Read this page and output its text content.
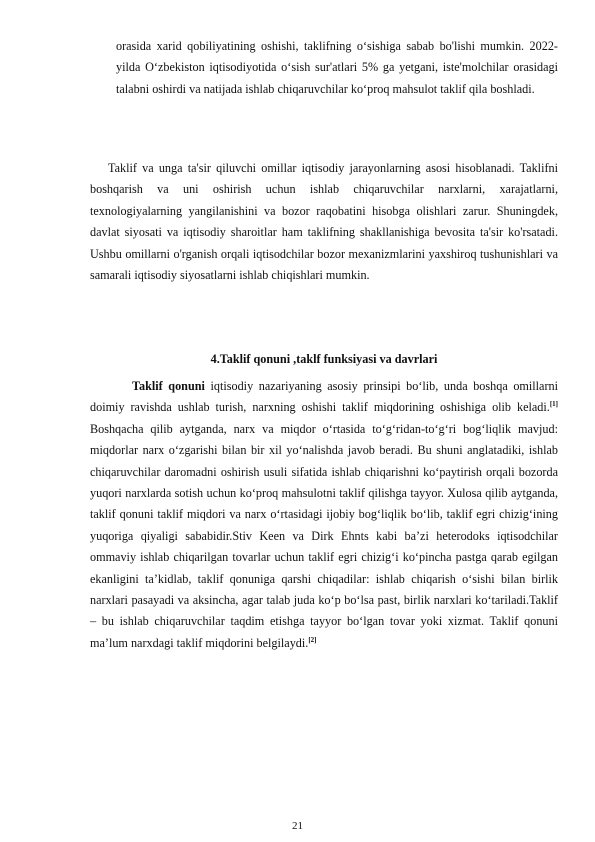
orasida xarid qobiliyatining oshishi, taklifning o‘sishiga sabab bo'lishi mumkin. 2022-yilda O‘zbekiston iqtisodiyotida o‘sish sur'atlari 5% ga yetgani, iste'molchilar orasidagi talabni oshirdi va natijada ishlab chiqaruvchilar ko‘proq mahsulot taklif qila boshladi.

Taklif va unga ta'sir qiluvchi omillar iqtisodiy jarayonlarning asosi hisoblanadi. Taklifni boshqarish va uni oshirish uchun ishlab chiqaruvchilar narxlarni, xarajatlarni, texnologiyalarning yangilanishini va bozor raqobatini hisobga olishlari zarur. Shuningdek, davlat siyosati va iqtisodiy sharoitlar ham taklifning shakllanishiga bevosita ta'sir ko'rsatadi. Ushbu omillarni o'rganish orqali iqtisodchilar bozor mexanizmlarini yaxshiroq tushunishlari va samarali iqtisodiy siyosatlarni ishlab chiqishlari mumkin.

4.Taklif qonuni ,taklf funksiyasi va davrlari

Taklif qonuni iqtisodiy nazariyaning asosiy prinsipi bo‘lib, unda boshqa omillarni doimiy ravishda ushlab turish, narxning oshishi taklif miqdorining oshishiga olib keladi.[1] Boshqacha qilib aytganda, narx va miqdor o‘rtasida to‘g‘ridan-to‘g‘ri bog‘liqlik mavjud: miqdorlar narx o‘zgarishi bilan bir xil yo‘nalishda javob beradi. Bu shuni anglatadiki, ishlab chiqaruvchilar daromadni oshirish usuli sifatida ishlab chiqarishni ko‘paytirish orqali bozorda yuqori narxlarda sotish uchun ko‘proq mahsulotni taklif qilishga tayyor. Xulosa qilib aytganda, taklif qonuni taklif miqdori va narx o‘rtasidagi ijobiy bog‘liqlik bo‘lib, taklif egri chizig‘ining yuqoriga qiyaligi sababidir.Stiv Keen va Dirk Ehnts kabi ba’zi heterodoks iqtisodchilar ommaviy ishlab chiqarilgan tovarlar uchun taklif egri chizig‘i ko‘pincha pastga qarab egilgan ekanligini ta’kidlab, taklif qonuniga qarshi chiqadilar: ishlab chiqarish o‘sishi bilan birlik narxlari pasayadi va aksincha, agar talab juda ko‘p bo‘lsa past, birlik narxlari ko‘tariladi.Taklif – bu ishlab chiqaruvchilar taqdim etishga tayyor bo‘lgan tovar yoki xizmat. Taklif qonuni ma’lum narxdagi taklif miqdorini belgilaydi.[2]

21
